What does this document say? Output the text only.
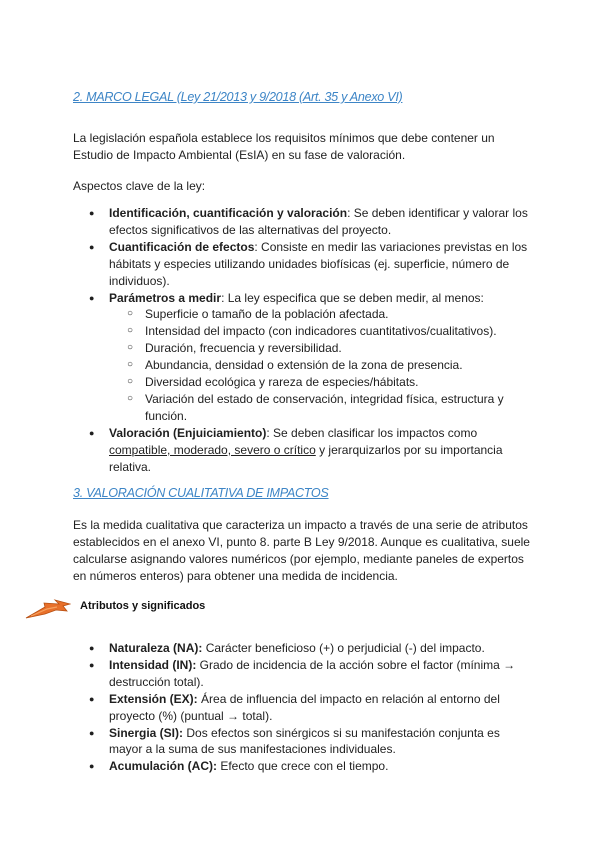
2. MARCO LEGAL (Ley 21/2013 y 9/2018 (Art. 35 y Anexo VI)

La legislación española establece los requisitos mínimos que debe contener un Estudio de Impacto Ambiental (EsIA) en su fase de valoración.

Aspectos clave de la ley:

● Identificación, cuantificación y valoración: Se deben identificar y valorar los efectos significativos de las alternativas del proyecto.
● Cuantificación de efectos: Consiste en medir las variaciones previstas en los hábitats y especies utilizando unidades biofísicas (ej. superficie, número de individuos).
● Parámetros a medir: La ley especifica que se deben medir, al menos:
○ Superficie o tamaño de la población afectada.
○ Intensidad del impacto (con indicadores cuantitativos/cualitativos).
○ Duración, frecuencia y reversibilidad.
○ Abundancia, densidad o extensión de la zona de presencia.
○ Diversidad ecológica y rareza de especies/hábitats.
○ Variación del estado de conservación, integridad física, estructura y función.
● Valoración (Enjuiciamiento): Se deben clasificar los impactos como compatible, moderado, severo o crítico y jerarquizarlos por su importancia relativa.
3. VALORACIÓN CUALITATIVA DE IMPACTOS

Es la medida cualitativa que caracteriza un impacto a través de una serie de atributos establecidos en el anexo VI, punto 8. parte B Ley 9/2018. Aunque es cualitativa, suele calcularse asignando valores numéricos (por ejemplo, mediante paneles de expertos en números enteros) para obtener una medida de incidencia.

Atributos y significados
● Naturaleza (NA): Carácter beneficioso (+) o perjudicial (-) del impacto.
● Intensidad (IN): Grado de incidencia de la acción sobre el factor (mínima → destrucción total).
● Extensión (EX): Área de influencia del impacto en relación al entorno del proyecto (%) (puntual → total).
● Sinergia (SI): Dos efectos son sinérgicos si su manifestación conjunta es mayor a la suma de sus manifestaciones individuales.
● Acumulación (AC): Efecto que crece con el tiempo.
